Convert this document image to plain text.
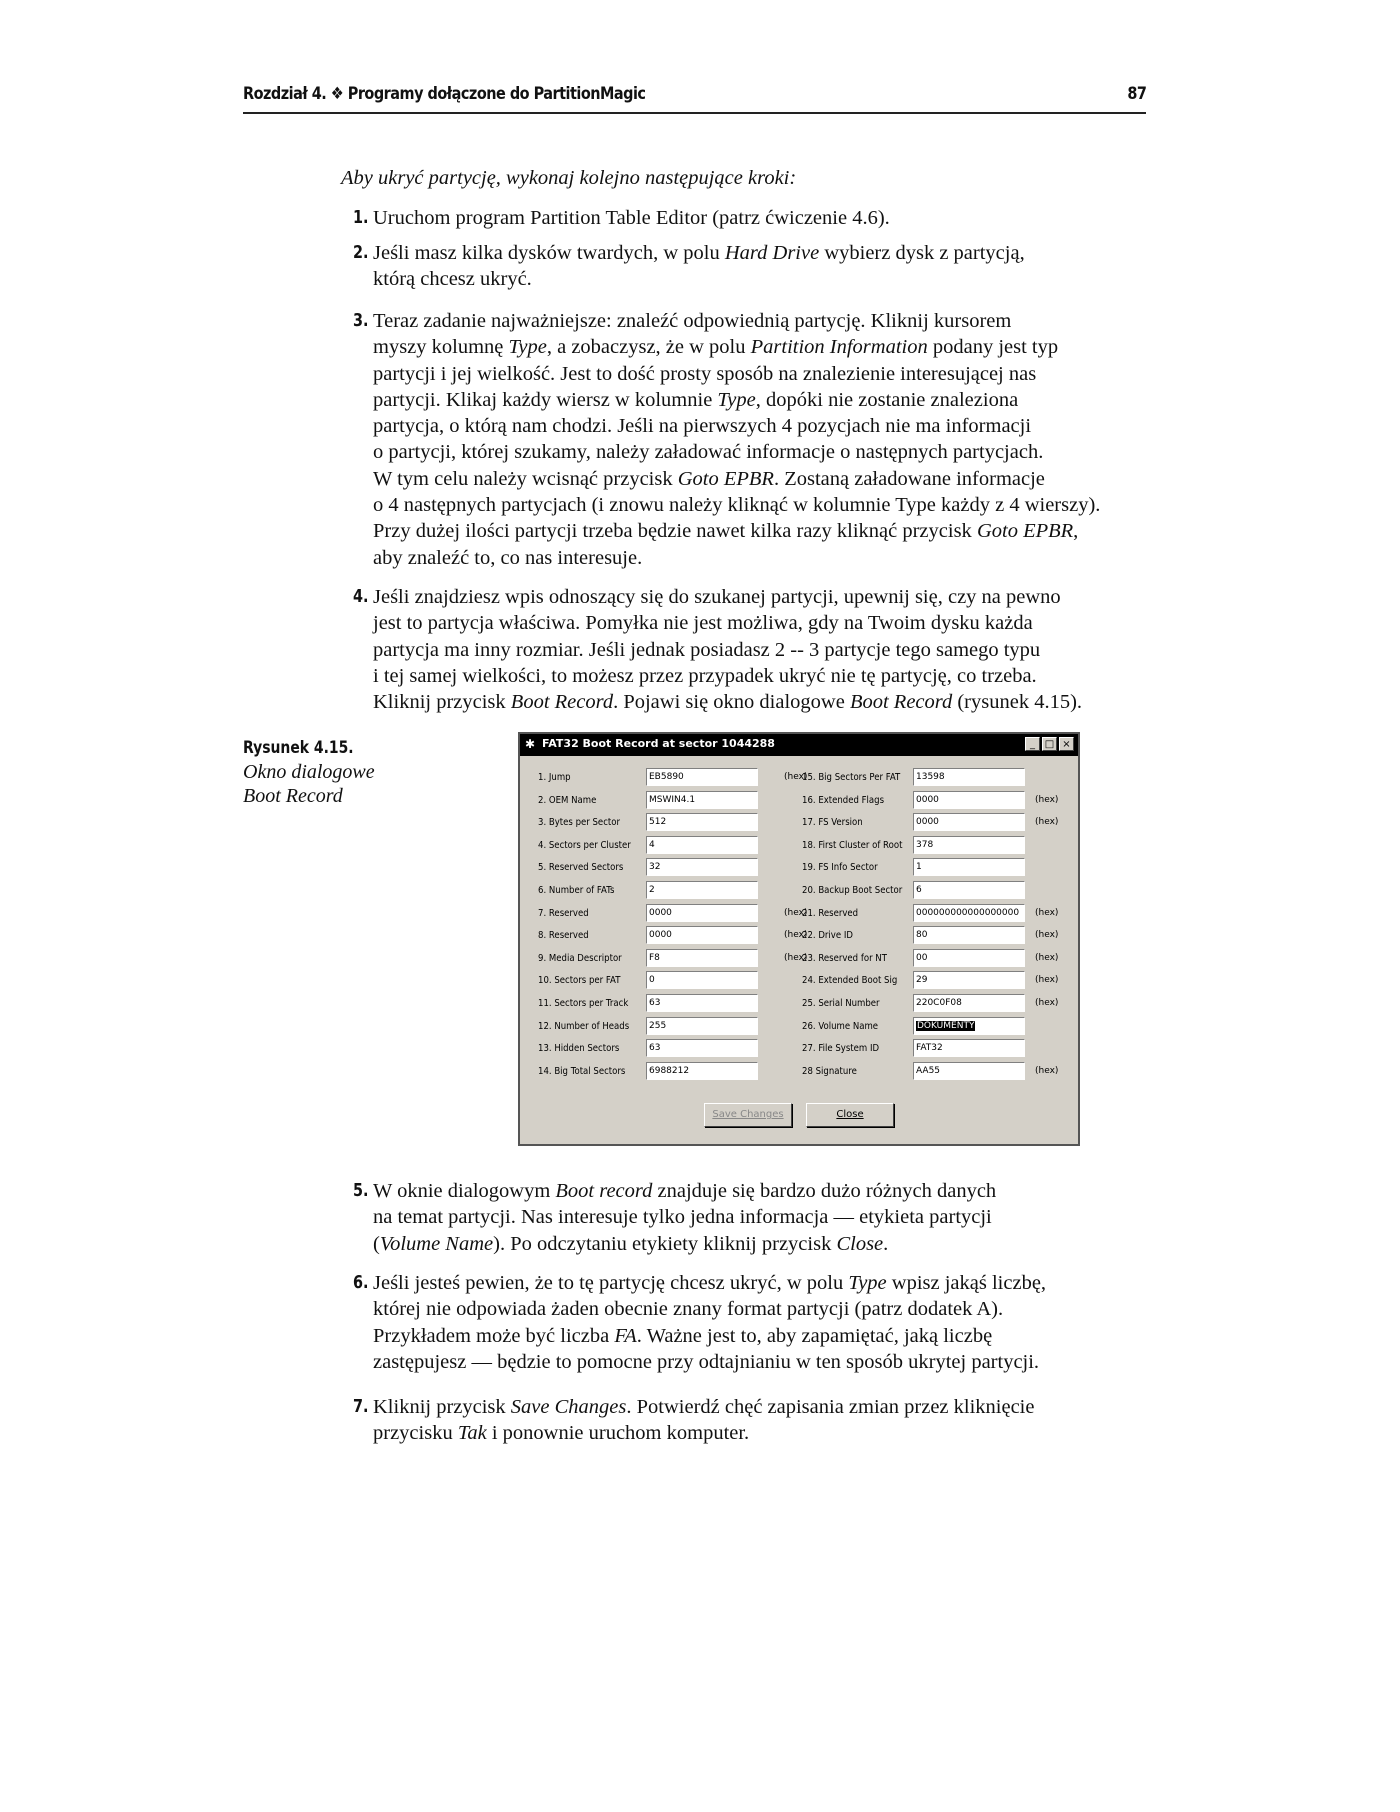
Rozdział 4. ❖ Programy dołączone do PartitionMagic	87
Aby ukryć partycję, wykonaj kolejno następujące kroki:
1. Uruchom program Partition Table Editor (patrz ćwiczenie 4.6).
2. Jeśli masz kilka dysków twardych, w polu Hard Drive wybierz dysk z partycją,
którą chcesz ukryć.
3. Teraz zadanie najważniejsze: znaleźć odpowiednią partycję. Kliknij kursorem
myszy kolumnę Type, a zobaczysz, że w polu Partition Information podany jest typ
partycji i jej wielkość. Jest to dość prosty sposób na znalezienie interesującej nas
partycji. Klikaj każdy wiersz w kolumnie Type, dopóki nie zostanie znaleziona
partycja, o którą nam chodzi. Jeśli na pierwszych 4 pozycjach nie ma informacji
o partycji, której szukamy, należy załadować informacje o następnych partycjach.
W tym celu należy wcisnąć przycisk Goto EPBR. Zostaną załadowane informacje
o 4 następnych partycjach (i znowu należy kliknąć w kolumnie Type każdy z 4 wierszy).
Przy dużej ilości partycji trzeba będzie nawet kilka razy kliknąć przycisk Goto EPBR,
aby znaleźć to, co nas interesuje.
4. Jeśli znajdziesz wpis odnoszący się do szukanej partycji, upewnij się, czy na pewno
jest to partycja właściwa. Pomyłka nie jest możliwa, gdy na Twoim dysku każda
partycja ma inny rozmiar. Jeśli jednak posiadasz 2 -- 3 partycje tego samego typu
i tej samej wielkości, to możesz przez przypadek ukryć nie tę partycję, co trzeba.
Kliknij przycisk Boot Record. Pojawi się okno dialogowe Boot Record (rysunek 4.15).
5. W oknie dialogowym Boot record znajduje się bardzo dużo różnych danych
na temat partycji. Nas interesuje tylko jedna informacja — etykieta partycji
(Volume Name). Po odczytaniu etykiety kliknij przycisk Close.
6. Jeśli jesteś pewien, że to tę partycję chcesz ukryć, w polu Type wpisz jakąś liczbę,
której nie odpowiada żaden obecnie znany format partycji (patrz dodatek A).
Przykładem może być liczba FA. Ważne jest to, aby zapamiętać, jaką liczbę
zastępujesz — będzie to pomocne przy odtajnianiu w ten sposób ukrytej partycji.
7. Kliknij przycisk Save Changes. Potwierdź chęć zapisania zmian przez kliknięcie
przycisku Tak i ponownie uruchom komputer.
Rysunek 4.15.
Okno dialogowe
Boot Record
✱ FAT32 Boot Record at sector 1044288	_ □ ×
1. Jump	EB5890	(hex)
2. OEM Name	MSWIN4.1
3. Bytes per Sector	512
4. Sectors per Cluster	4
5. Reserved Sectors	32
6. Number of FATs	2
7. Reserved	0000	(hex)
8. Reserved	0000	(hex)
9. Media Descriptor	F8	(hex)
10. Sectors per FAT	0
11. Sectors per Track	63
12. Number of Heads	255
13. Hidden Sectors	63
14. Big Total Sectors	6988212
15. Big Sectors Per FAT	13598
16. Extended Flags	0000	(hex)
17. FS Version	0000	(hex)
18. First Cluster of Root	378
19. FS Info Sector	1
20. Backup Boot Sector	6
21. Reserved	000000000000000000	(hex)
22. Drive ID	80	(hex)
23. Reserved for NT	00	(hex)
24. Extended Boot Sig	29	(hex)
25. Serial Number	220C0F08	(hex)
26. Volume Name	DOKUMENTY
27. File System ID	FAT32
28 Signature	AA55	(hex)
Save Changes	Close
